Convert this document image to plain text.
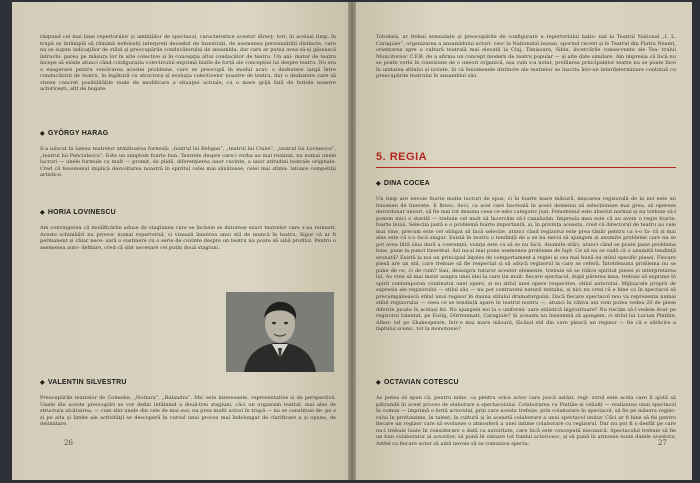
răspund cel mai bine repertoriilor și ambițiilor de spectacol, caracteristice acestor direcţ- tori; în același timp, în trupă se întâmplă să rămână nefolosiți interpreți deosebit de înzestrați, de asemenea personalități distincte, care nu se supun indicaţiilor de stilul și preocupările conducătorului de ansamblu, dar care ar putea avea să-și găsească întruchi- parea pe măsura lor în alte colective și în concepţia altui conducător de teatru. Un ani- mator de teatru începe să existe atunci când configurația colectivului exprimă liniile de forță ale concepției lui despre teatru. Nu era o exagerare pentru rezolvarea acestei probleme, care se preocupă în modul acut: o dezbatere largă între conducătorii de teatru, în legătură cu structura și evoluţia colectivelor noastre de teatru, dar o dezbatere care să vizeze concret posibilitățile reale de modificare a situaţiei actuale, cu o mare grijă față de forțele noastre actoricești, atît de bogate.

◆ GYÖRGY HARAG

S-a născut în lumea teatrelor următoarea formulă: „teatrul lui Beligan”, „teatrul lui Ciulei”, „teatrul lui Lovinescu”, „teatrul lui Penciulescu”. Este un simptom foarte bun. Teatrele despre care-i vorba au mai realizat, nu numai unele lucruri — unele formule cu mult — promit, de plidă, diferenţierea unor cuvinte, a unor atitudini teatrale originale. Cred că fenomenul implică dezvoltarea noastră în spiritul celei mai sănătoase, celei mai stimu- latoare competiţii artistice.

◆ HORIA LOVINESCU

Am convingerea că modificările aduse de stagiunea care se încheie se datorese exact teatrelor care s-au reinnoit. Aceste schimbări nu privesc numai repertoriul, ci vizează înnoirea unui stil de muncă în teatru. Sigur că ar fi permanent și chiar nece- sară o sustinere cu o serie de cuvinte despre un teatru nu poate să aibă profilul. Pentru o asemenea auto- definire, cred că sînt necesare cel puțin două stagiuni.

◆ VALENTIN SILVESTRU

Preocupările teatrelor de Comedie, „Nottara”, „Bulandra”. Mic este interesante, reprezentative și de perspectivă. Unele din aceste preocupări se vor defini întâlnind a două-trei stagiuni, căci un organism teatral, mai ales de structura alcătuirea, — cum sînt unele din cele de mai sus, nu prea multi actori în trupă — nu se constituie de- pe o zi pe alta și limite ale activităţii se descoperă în cursul unui proces mai îndelungat de clarificare a și opune, de delimitare.

26

Totodată, ar trebui semnalate și preocupările de configurare a repertoriului națio- nal la Teatrul Național „I. L. Caragiale”, organizarea a ansamblului actori- cesc la Naționalul ieșean, sporind recent și le Teatrul din Piatra Neamț, orientarea spre o cultură teatrală mai elevată la Cluj, Timișoara, Sibiu, încercările consecvente ale Tea- trului Muncitoresc C.F.R. de a afirma un concept modern de teatru popular — și alte date similare. Am impresia că încă nu se poate vorbi în conexiune de o uneori organică, așa cum s-a notat, profilarea principalelor teatre nu se poate face în unitatea stilului și izolate. Și că fenomenele distincte ale teatrelor se înscriu într-un interdeterminare continuă cu preocupările teatrului în ansamblul său.

5. REGIA

◆ DINA COCEA

Un timp are nevoie foarte multe lucruri de spus, ci în foarte mare măsură, mișcarea regizorală de la noi este un fenomen de tinerețe. E firesc, deci, ca acei care bacreală în acest domeniu să selecționeze mai greu, să opereze dezordonat uneori, să fie mai tot deauna ceea ce este categoric just. Fenomenul este absolut normal și nu trebuie să-l ponem mici o stavilă — trebuie cel mult să încercăm să-l canalizăm. Impresia mea este că au avem o regie foarte, foarte bună. Selecția justă e o problemă foarte importantă, și, în privința aceasta, cred că directorul de teatru au cele mai vine, precum este cel obligat să facă selecție, atunci când regizorul este prea tânăr pentru ca s-o fa- ră și mai ales este că s-o facă singur. Există în teatru o tendință de a se nu nevoi să ajungem și anumite probleme care nu se pot avea fără ziua dură a coerenţei, voinţa este ca să se nu facă. Anumite stări, atunci când se poate pune problema bine, pune la punct tineretul. Azi nu-și mai pune asemenea probleme de fapt. Ce să nu se vadă că o anumită tendință eronată? Există la noi un principial înţeles de comportament a regiei și cea mai bună eu stilul specific piesei. Fiecare piesă are un stil, care trebuie să fie respectat și să aducă regizorul la care se referă. Întotdeauna problema nu se pune de ce, ci de cum? Sau, deasupra tuturor acestor elemente, trebuie să se ridice spiritul piesei și interpretarea lui. As vrea să mai insist asupra unei idei la care țin mult: fiecare spectacol, după părerea mea, trebuie să exprime în spirit contemporan conținutul unei opere, și nu stilul unei opere respective, stilul autorului. Mijloacele proprii de expresie ale regizorului — stilul său — nu pot contraveni naturii textului, și nici nu cred că e bine ca în spectacol să precumpănească stilul unui regizor în dauna stilului dramaturgului. Dacă fiecare spectacol nou va reprezenta numai stilul regizorului — ceea ce se tendință apare în teatrul nostru —, atunci în câțiva ani vom putea vedea 20 de piese diferite jucate în același fel. Nu ajungem noi la o uniformi- zare stilistică îngrozitoare? Nu riscăm să-l vedem doar pe regizorul talentat, pe Eurig, Dürrenmatt, Caragiale? Și aceasta nu înseamnă să ajungem, ci stilul lui Lucian Pintilie, Alber- tel pe Shakespeare, într-o mai mare măsură, făcând stil din care pleacă un regizor — fie că e sărăcire a faptului scenic, tot la monotonie?

◆ OCTAVIAN COTESCU

As putea să spun că, pentru mine, ca pentru orice actor care joacă astăzi, regi- zorul este acela care îl ajută să pătrundă în acest proces de elaborare a spectacolului. Colaborarea cu Pintilie și ceilalți — realizarea unui spectacol în comun — imprimă o forță actorului, prin care acesta trebuie, prin colaborare în spectacol, să fie pe măsura regizo- rului în profunzime, în talent, în cultură și în această colaborare a unui spectacol unitar. Căci ar fi bine să fie pentru fiecare un regizor care să evolueze o atmosferă a unei intime colaborare cu regizorul. Dar nu pot fi o desfăt pe care nu-l trebuie luate în considerare o dată ca autoritate, care încă este concepută mecanică. Spectacolul trebuie să fie un bun colaborator al actorilor, să pună în valoare tot fondul actoricesc, și să pună în armonie toate datele acestora. Astfel ca fiecare actor să aibă nevoie să se comunice specta-	27
